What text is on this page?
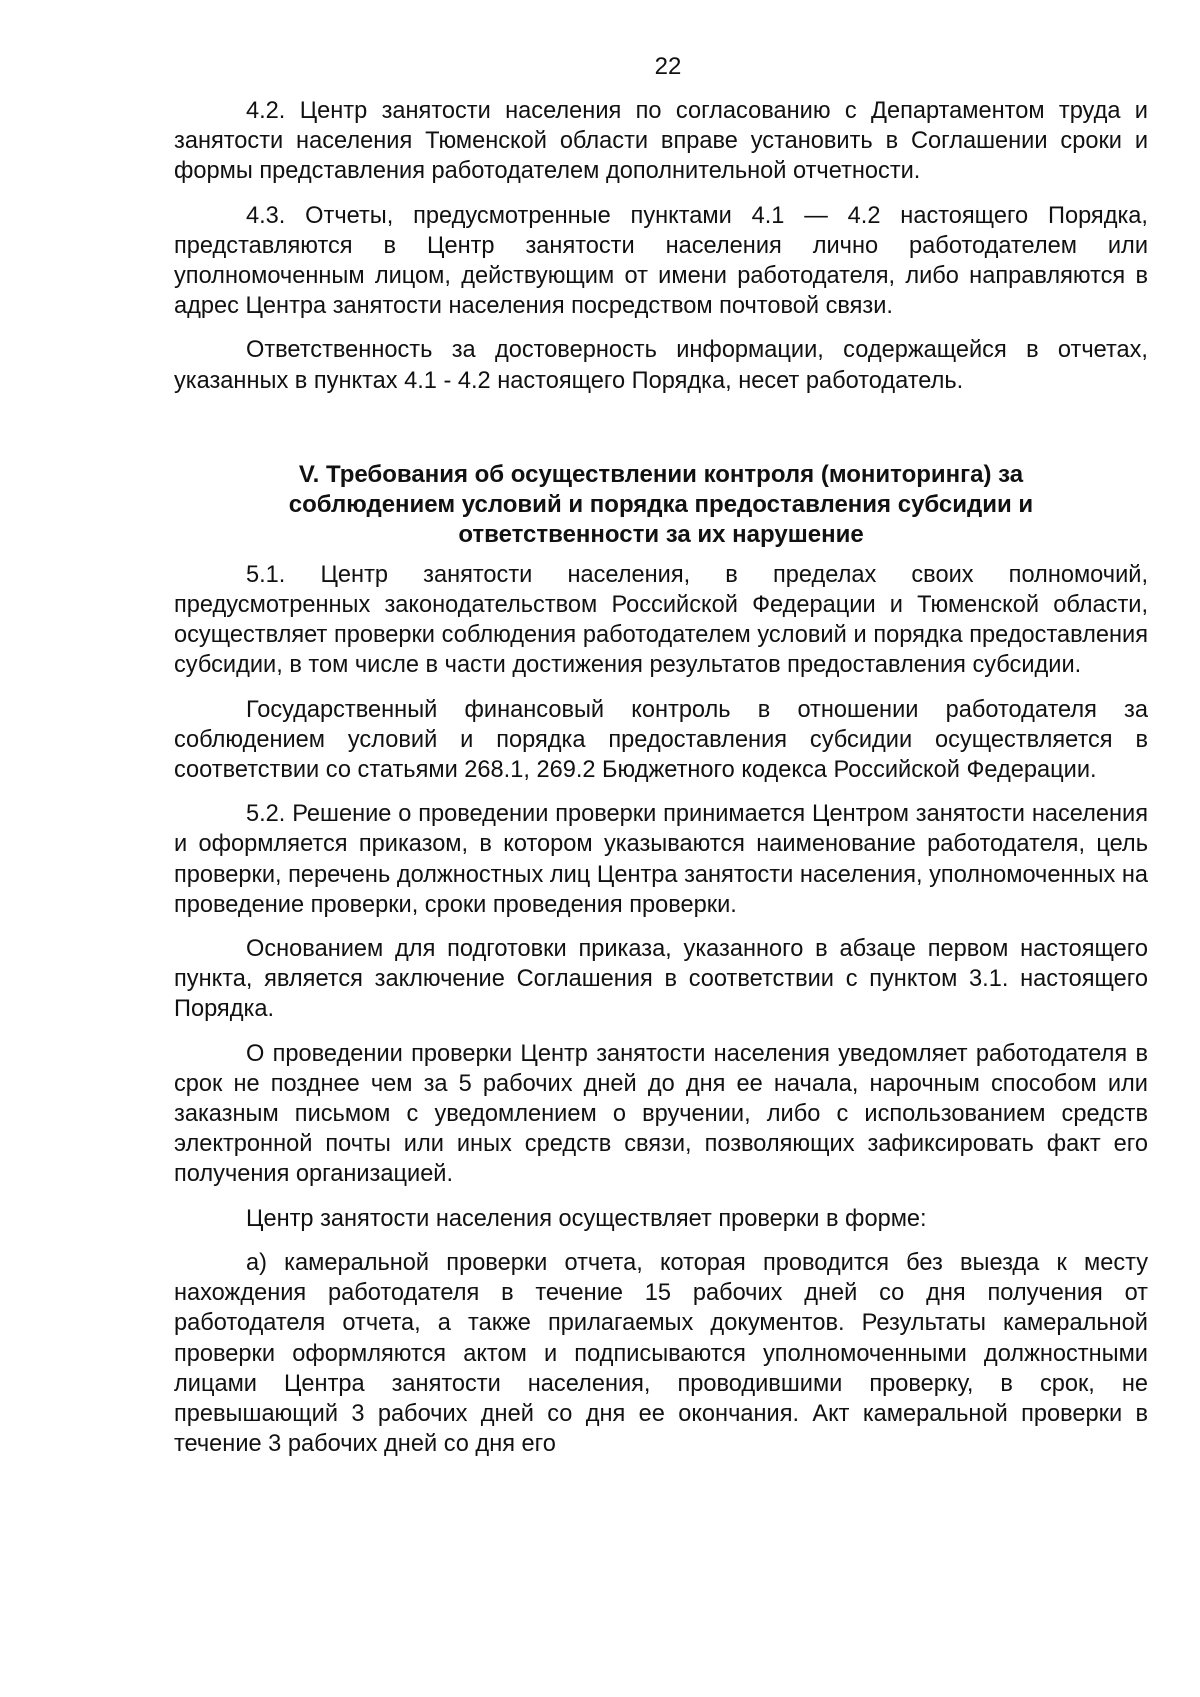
22

4.2. Центр занятости населения по согласованию с Департаментом труда и занятости населения Тюменской области вправе установить в Соглашении сроки и формы представления работодателем дополнительной отчетности.

4.3. Отчеты, предусмотренные пунктами 4.1 — 4.2 настоящего Порядка, представляются в Центр занятости населения лично работодателем или уполномоченным лицом, действующим от имени работодателя, либо направляются в адрес Центра занятости населения посредством почтовой связи.

Ответственность за достоверность информации, содержащейся в отчетах, указанных в пунктах 4.1 - 4.2 настоящего Порядка, несет работодатель.

V. Требования об осуществлении контроля (мониторинга) за соблюдением условий и порядка предоставления субсидии и ответственности за их нарушение

5.1. Центр занятости населения, в пределах своих полномочий, предусмотренных законодательством Российской Федерации и Тюменской области, осуществляет проверки соблюдения работодателем условий и порядка предоставления субсидии, в том числе в части достижения результатов предоставления субсидии.

Государственный финансовый контроль в отношении работодателя за соблюдением условий и порядка предоставления субсидии осуществляется в соответствии со статьями 268.1, 269.2 Бюджетного кодекса Российской Федерации.

5.2. Решение о проведении проверки принимается Центром занятости населения и оформляется приказом, в котором указываются наименование работодателя, цель проверки, перечень должностных лиц Центра занятости населения, уполномоченных на проведение проверки, сроки проведения проверки.

Основанием для подготовки приказа, указанного в абзаце первом настоящего пункта, является заключение Соглашения в соответствии с пунктом 3.1. настоящего Порядка.

О проведении проверки Центр занятости населения уведомляет работодателя в срок не позднее чем за 5 рабочих дней до дня ее начала, нарочным способом или заказным письмом с уведомлением о вручении, либо с использованием средств электронной почты или иных средств связи, позволяющих зафиксировать факт его получения организацией.

Центр занятости населения осуществляет проверки в форме:

а) камеральной проверки отчета, которая проводится без выезда к месту нахождения работодателя в течение 15 рабочих дней со дня получения от работодателя отчета, а также прилагаемых документов. Результаты камеральной проверки оформляются актом и подписываются уполномоченными должностными лицами Центра занятости населения, проводившими проверку, в срок, не превышающий 3 рабочих дней со дня ее окончания. Акт камеральной проверки в течение 3 рабочих дней со дня его
